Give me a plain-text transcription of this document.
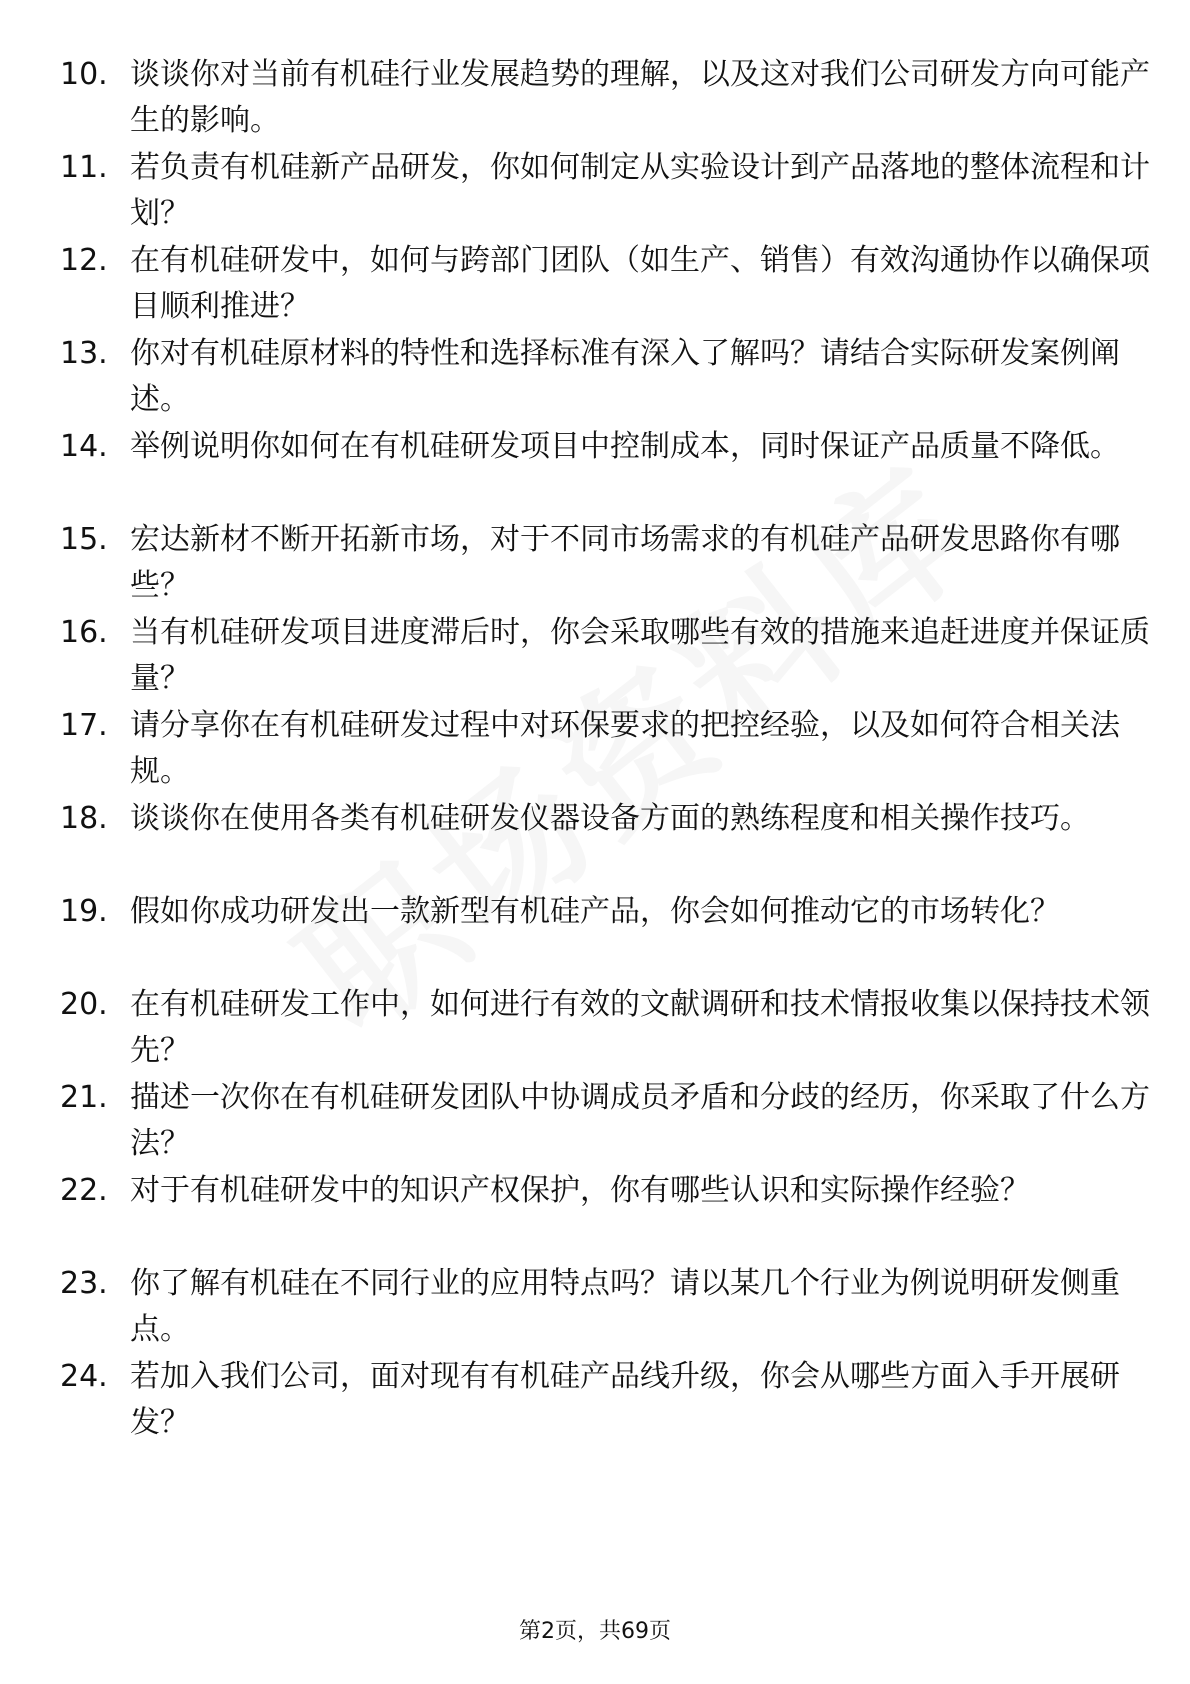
10. 谈谈你对当前有机硅行业发展趋势的理解，以及这对我们公司研发方向可能产生的影响。
11. 若负责有机硅新产品研发，你如何制定从实验设计到产品落地的整体流程和计划？
12. 在有机硅研发中，如何与跨部门团队（如生产、销售）有效沟通协作以确保项目顺利推进？
13. 你对有机硅原材料的特性和选择标准有深入了解吗？请结合实际研发案例阐述。
14. 举例说明你如何在有机硅研发项目中控制成本，同时保证产品质量不降低。
15. 宏达新材不断开拓新市场，对于不同市场需求的有机硅产品研发思路你有哪些？
16. 当有机硅研发项目进度滞后时，你会采取哪些有效的措施来追赶进度并保证质量？
17. 请分享你在有机硅研发过程中对环保要求的把控经验，以及如何符合相关法规。
18. 谈谈你在使用各类有机硅研发仪器设备方面的熟练程度和相关操作技巧。
19. 假如你成功研发出一款新型有机硅产品，你会如何推动它的市场转化？
20. 在有机硅研发工作中，如何进行有效的文献调研和技术情报收集以保持技术领先？
21. 描述一次你在有机硅研发团队中协调成员矛盾和分歧的经历，你采取了什么方法？
22. 对于有机硅研发中的知识产权保护，你有哪些认识和实际操作经验？
23. 你了解有机硅在不同行业的应用特点吗？请以某几个行业为例说明研发侧重点。
24. 若加入我们公司，面对现有有机硅产品线升级，你会从哪些方面入手开展研发？
第2页，共69页
